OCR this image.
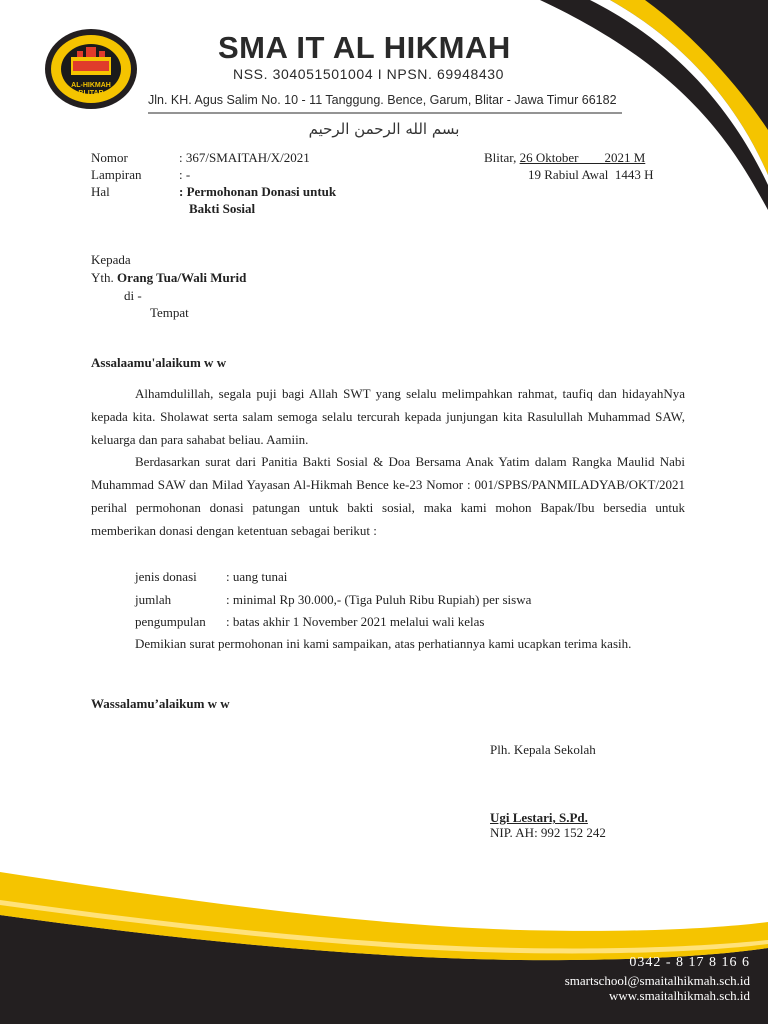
AL-HIKMAH
BLITAR
SMA IT AL HIKMAH
NSS. 304051501004 I NPSN. 69948430
Jln. KH. Agus Salim No. 10 - 11 Tanggung. Bence, Garum, Blitar - Jawa Timur 66182
بسم الله الرحمن الرحيم
Nomor	: 367/SMAITAH/X/2021
Lampiran	: -
Hal	: Permohonan Donasi untuk
Bakti Sosial
Blitar, 26 Oktober        2021 M
19 Rabiul Awal  1443 H
Kepada
Yth. Orang Tua/Wali Murid
di -
Tempat
Assalaamu'alaikum w w

Alhamdulillah, segala puji bagi Allah SWT yang selalu melimpahkan rahmat, taufiq dan hidayahNya kepada kita. Sholawat serta salam semoga selalu tercurah kepada junjungan kita Rasulullah Muhammad SAW, keluarga dan para sahabat beliau. Aamiin.

Berdasarkan surat dari Panitia Bakti Sosial & Doa Bersama Anak Yatim dalam Rangka Maulid Nabi Muhammad SAW dan Milad Yayasan Al-Hikmah Bence ke-23 Nomor : 001/SPBS/PANMILADYAB/OKT/2021 perihal permohonan donasi patungan untuk bakti sosial, maka kami mohon Bapak/Ibu bersedia untuk memberikan donasi dengan ketentuan sebagai berikut :

jenis donasi : uang tunai
jumlah	: minimal Rp 30.000,- (Tiga Puluh Ribu Rupiah) per siswa
pengumpulan : batas akhir 1 November 2021 melalui wali kelas

Demikian surat permohonan ini kami sampaikan, atas perhatiannya kami ucapkan terima kasih.

Wassalamu’alaikum w w
Plh. Kepala Sekolah
Ugi Lestari, S.Pd.
NIP. AH: 992 152 242
0342 - 8 17 8 16 6
smartschool@smaitalhikmah.sch.id
www.smaitalhikmah.sch.id
